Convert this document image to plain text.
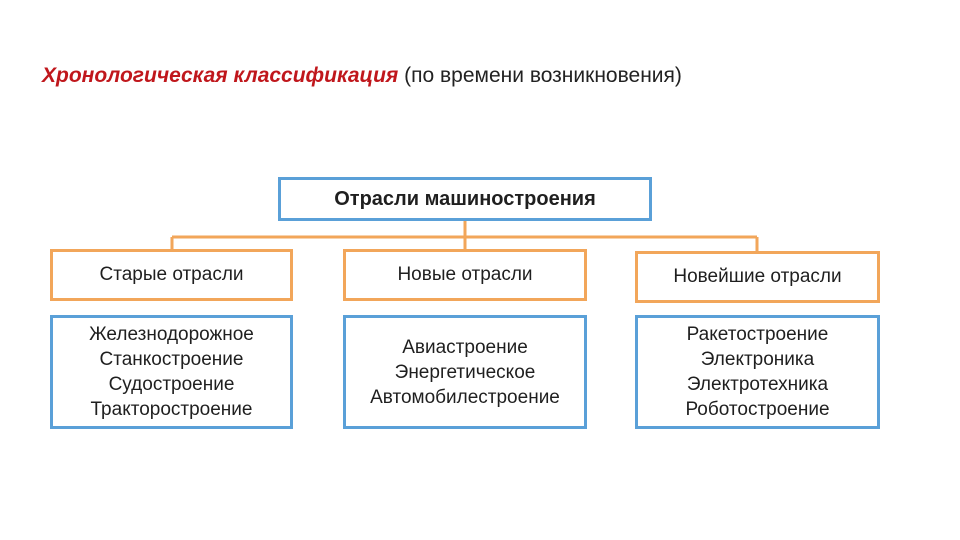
Хронологическая классификация (по времени возникновения)
Отрасли машиностроения
Старые отрасли	Новые отрасли	Новейшие отрасли
Железнодорожное
Станкостроение
Судостроение
Тракторостроение
Авиастроение
Энергетическое
Автомобилестроение
Ракетостроение
Электроника
Электротехника
Роботостроение
